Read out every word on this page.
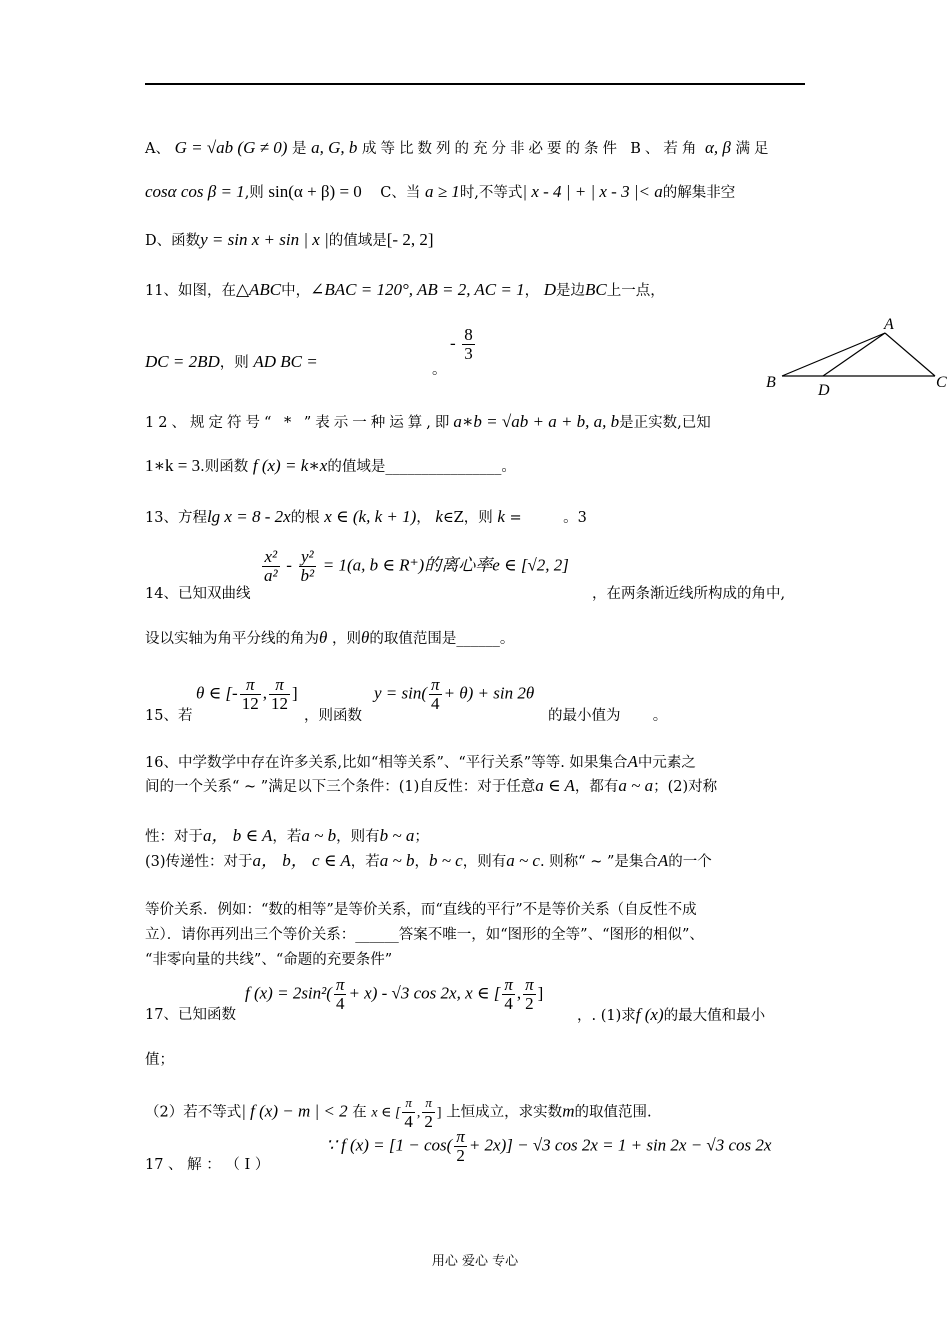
A、 G = √ab (G ≠ 0) 是 a, G, b 成等比数列的充分非必要的条件 B、若角 α, β 满足
cosα cos β = 1,则 sin(α + β) = 0 C、当 a ≥ 1时,不等式| x - 4 | + | x - 3 |< a的解集非空
D、函数y = sin x + sin | x |的值域是[- 2, 2]
11、如图，在△ABC中，∠BAC = 120°, AB = 2, AC = 1， D是边BC上一点，
DC = 2BD，则 AD BC =	。
- $\frac{8}{3}$
A
B	D	C
12、规定符号“ * ”表示一种运算,即a∗b = √ab + a + b, a, b是正实数,已知
1∗k = 3.则函数 f (x) = k∗x的值域是________________。
13、方程lg x = 8 - 2x的根 x ∈ (k, k + 1)， k∈Z，则 k =	。3
14、已知双曲线
$\frac{\text{x²}}{\text{a²}} - \frac{\text{y²}}{\text{b²}} = 1(a$, b ∈ R⁺)的离心率e ∈ [√2, 2]
，在两条渐近线所构成的角中,
设以实轴为角平分线的角为θ ，则θ的取值范围是______。
15、若
θ ∈ [- $\frac{\pi}{12}$ , $\frac{\pi}{12}$ ]
，则函数
$y = \sin( \frac{\pi}{4} + \theta) + \sin 2\theta$
的最小值为 。
16、中学数学中存在许多关系,比如“相等关系”、“平行关系”等等. 如果集合A中元素之
间的一个关系“ ~ ”满足以下三个条件：(1)自反性：对于任意a ∈ A，都有a ~ a；(2)对称
性：对于a， b ∈ A，若a ~ b，则有b ~ a；
(3)传递性：对于a， b， c ∈ A，若a ~ b，b ~ c，则有a ~ c. 则称“ ~ ”是集合A的一个
等价关系．例如：“数的相等”是等价关系，而“直线的平行”不是等价关系（自反性不成
立）．请你再列出三个等价关系：______答案不唯一，如“图形的全等”、“图形的相似”、
“非零向量的共线”、“命题的充要条件”
17、已知函数
f $(x) = 2\sin^2( \frac{\pi}{4} + x) - √3$ cos 2x, x ∈ [ $\frac{\pi}{4}$ , $\frac{\pi}{2}$ ]
，. (1)求f (x)的最大值和最小
值；
（2）若不等式| f (x) − m | < 2 在 x ∈ [ $\frac{\pi}{4}$ , $\frac{\pi}{2}$ ] 上恒成立，求实数m的取值范围.
17 、 解 ： （ Ⅰ ）
∵ f $(x) = [1 - \cos( \frac{\pi}{2} + 2x)] - √3$ cos 2x = 1 + sin 2x − √3 cos 2x
用心 爱心 专心
